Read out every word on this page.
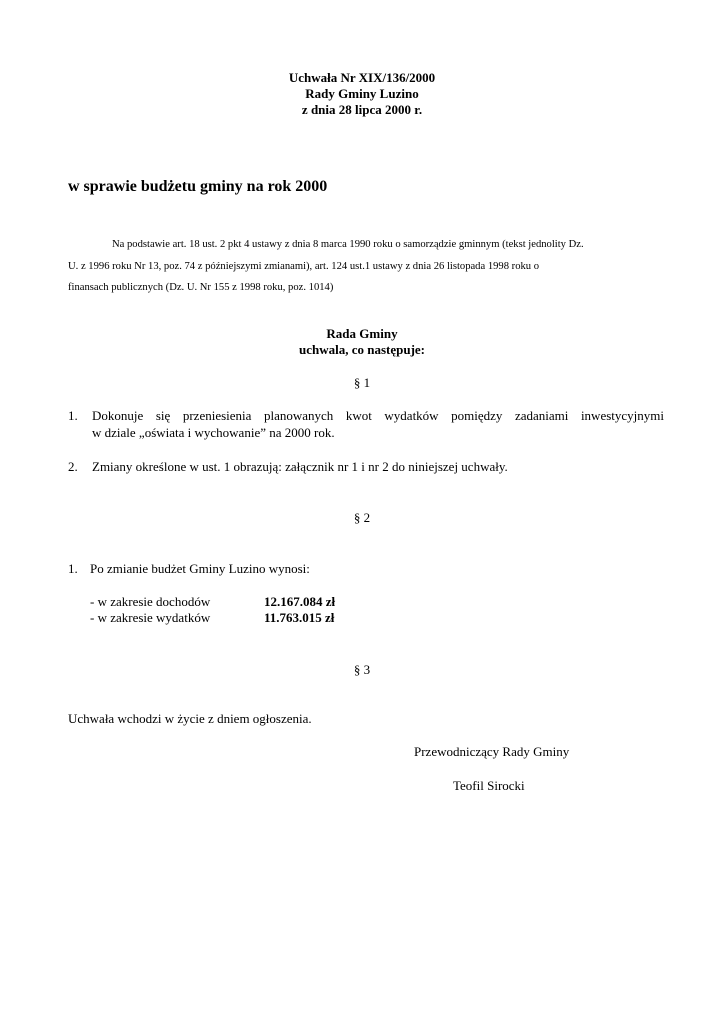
Uchwała Nr XIX/136/2000
Rady Gminy Luzino
z dnia 28 lipca 2000 r.
w sprawie budżetu gminy na rok 2000
Na podstawie art. 18 ust. 2 pkt 4 ustawy z dnia 8 marca 1990 roku o samorządzie gminnym (tekst jednolity Dz.
U. z 1996 roku Nr 13, poz. 74 z późniejszymi zmianami), art. 124 ust.1 ustawy z dnia 26 listopada 1998 roku o
finansach publicznych (Dz. U. Nr 155 z 1998 roku, poz. 1014)
Rada Gminy
uchwala, co następuje:
§ 1
1. Dokonuje się przeniesienia planowanych kwot wydatków pomiędzy zadaniami inwestycyjnymi
w dziale „oświata i wychowanie” na 2000 rok.
2. Zmiany określone w ust. 1 obrazują: załącznik nr 1 i nr 2 do niniejszej uchwały.
§ 2
1. Po zmianie budżet Gminy Luzino wynosi:
- w zakresie dochodów	12.167.084 zł
- w zakresie wydatków	11.763.015 zł
§ 3
Uchwała wchodzi w życie z dniem ogłoszenia.
Przewodniczący Rady Gminy
Teofil Sirocki
